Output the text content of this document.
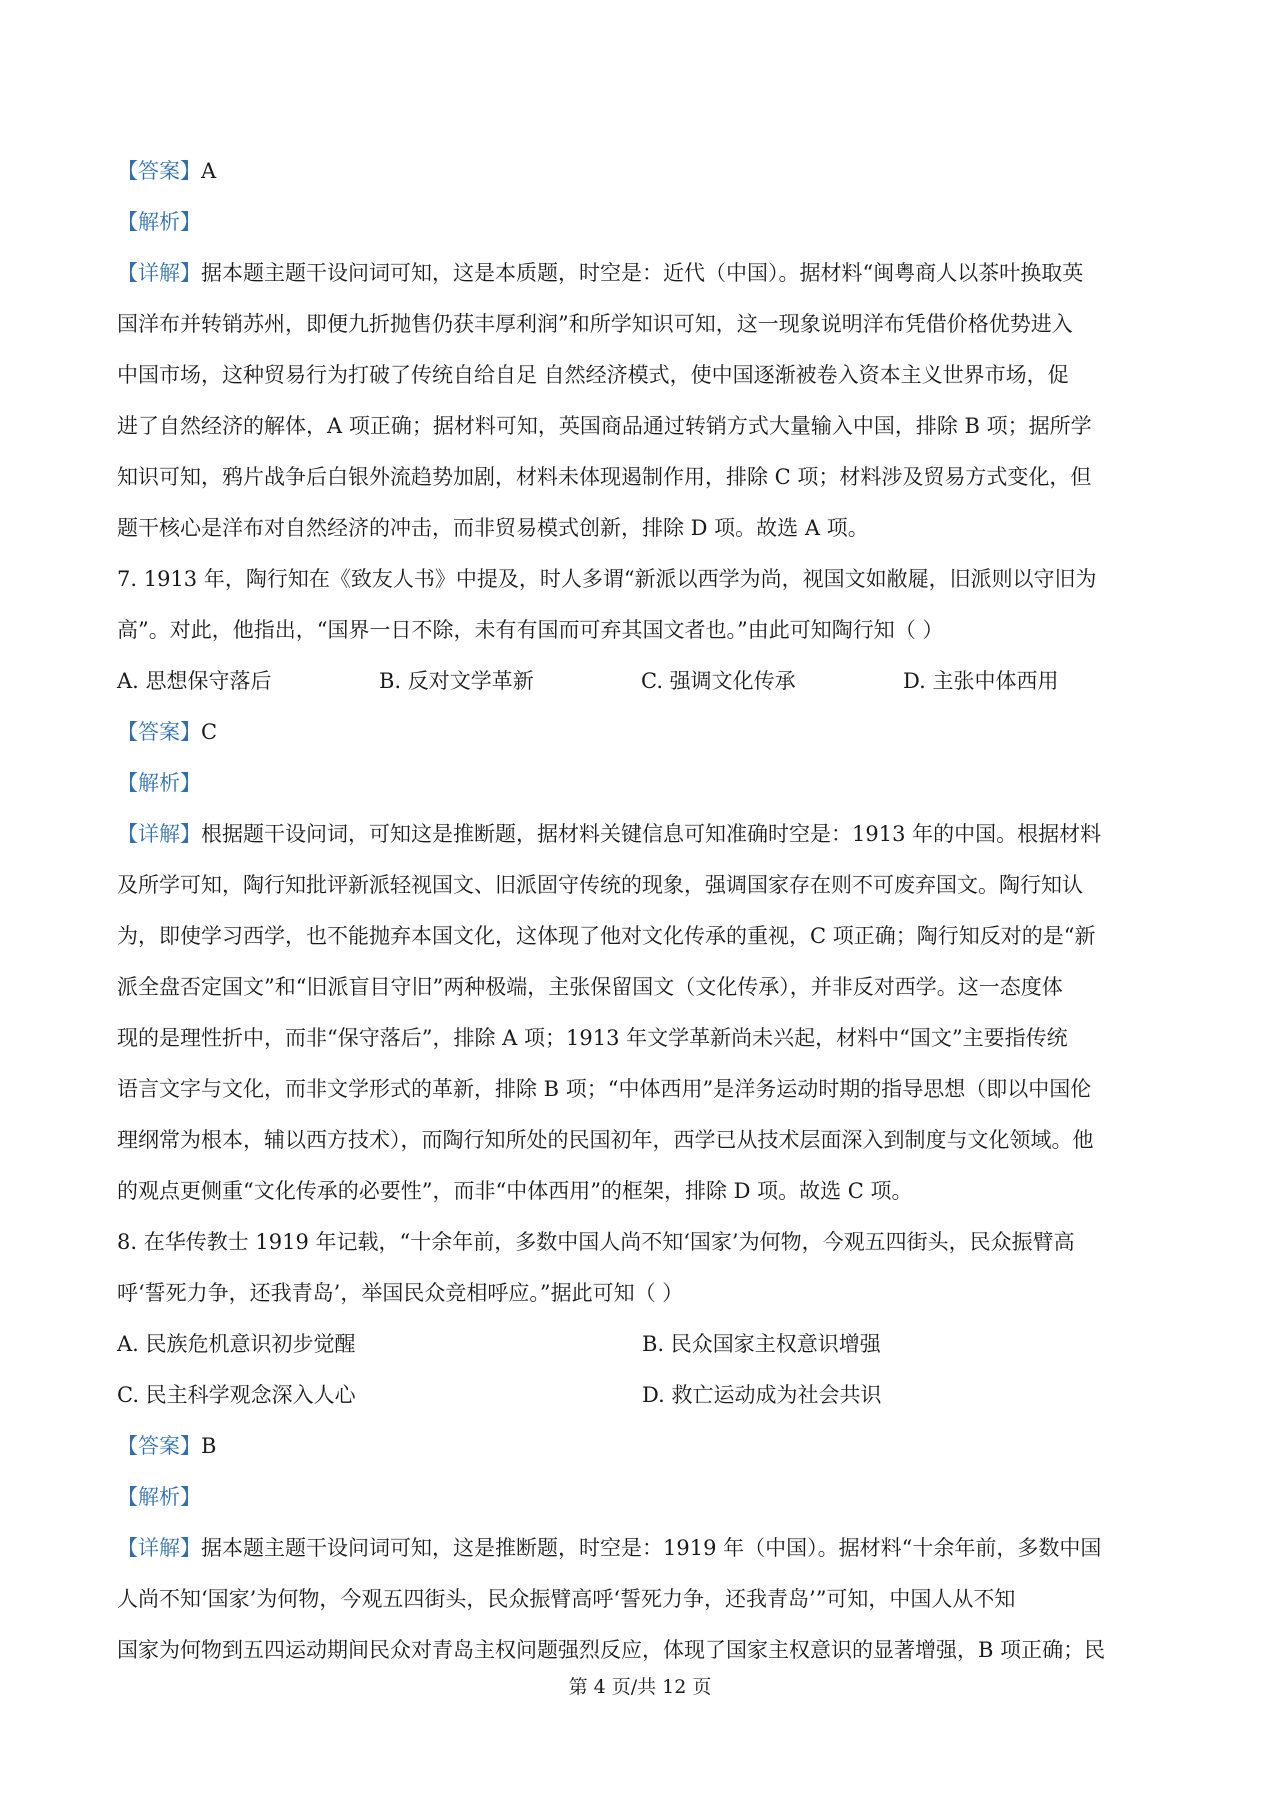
【答案】A
【解析】
【详解】据本题主题干设问词可知，这是本质题，时空是：近代（中国）。据材料“闽粤商人以茶叶换取英
国洋布并转销苏州，即便九折抛售仍获丰厚利润”和所学知识可知，这一现象说明洋布凭借价格优势进入
中国市场，这种贸易行为打破了传统自给自足 自然经济模式，使中国逐渐被卷入资本主义世界市场，促
进了自然经济的解体，A 项正确；据材料可知，英国商品通过转销方式大量输入中国，排除 B 项；据所学
知识可知，鸦片战争后白银外流趋势加剧，材料未体现遏制作用，排除 C 项；材料涉及贸易方式变化，但
题干核心是洋布对自然经济的冲击，而非贸易模式创新，排除 D 项。故选 A 项。
7. 1913 年，陶行知在《致友人书》中提及，时人多谓“新派以西学为尚，视国文如敝屣，旧派则以守旧为
高”。对此，他指出，“国界一日不除，未有有国而可弃其国文者也。”由此可知陶行知（ ）
A. 思想保守落后	B. 反对文学革新	C. 强调文化传承	D. 主张中体西用
【答案】C
【解析】
【详解】根据题干设问词，可知这是推断题，据材料关键信息可知准确时空是：1913 年的中国。根据材料
及所学可知，陶行知批评新派轻视国文、旧派固守传统的现象，强调国家存在则不可废弃国文。陶行知认
为，即使学习西学，也不能抛弃本国文化，这体现了他对文化传承的重视，C 项正确；陶行知反对的是“新
派全盘否定国文”和“旧派盲目守旧”两种极端，主张保留国文（文化传承），并非反对西学。这一态度体
现的是理性折中，而非“保守落后”，排除 A 项；1913 年文学革新尚未兴起，材料中“国文”主要指传统
语言文字与文化，而非文学形式的革新，排除 B 项；“中体西用”是洋务运动时期的指导思想（即以中国伦
理纲常为根本，辅以西方技术），而陶行知所处的民国初年，西学已从技术层面深入到制度与文化领域。他
的观点更侧重“文化传承的必要性”，而非“中体西用”的框架，排除 D 项。故选 C 项。
8. 在华传教士 1919 年记载，“十余年前，多数中国人尚不知‘国家’为何物，今观五四街头，民众振臂高
呼‘誓死力争，还我青岛’，举国民众竞相呼应。”据此可知（ ）
A. 民族危机意识初步觉醒	B. 民众国家主权意识增强
C. 民主科学观念深入人心	D. 救亡运动成为社会共识
【答案】B
【解析】
【详解】据本题主题干设问词可知，这是推断题，时空是：1919 年（中国）。据材料“十余年前，多数中国
人尚不知‘国家’为何物，今观五四街头，民众振臂高呼‘誓死力争，还我青岛’”可知，中国人从不知
国家为何物到五四运动期间民众对青岛主权问题强烈反应，体现了国家主权意识的显著增强，B 项正确；民
第 4 页/共 12 页
